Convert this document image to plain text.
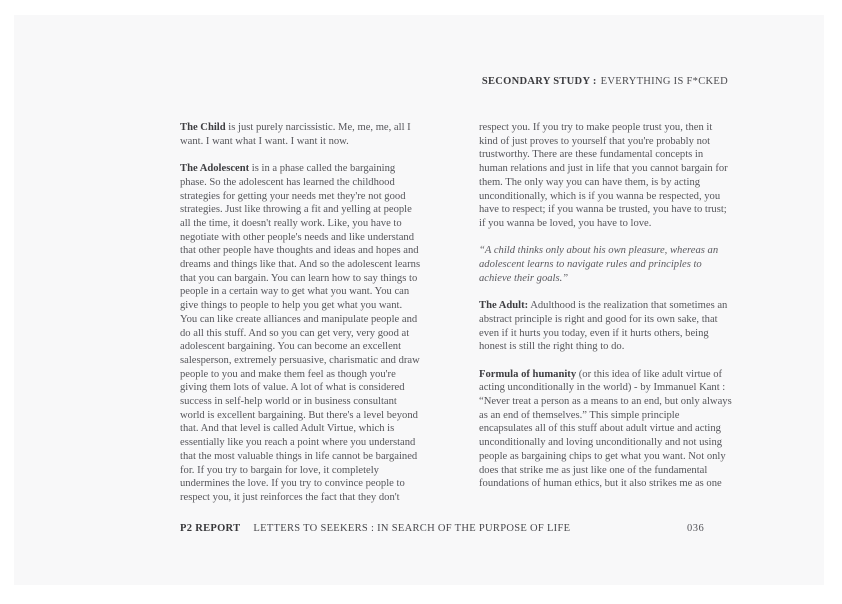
SECONDARY STUDY : EVERYTHING IS F*CKED

The Child is just purely narcissistic. Me, me, me, all I want. I want what I want. I want it now.

The Adolescent is in a phase called the bargaining phase. So the adolescent has learned the childhood strategies for getting your needs met they're not good strategies. Just like throwing a fit and yelling at people all the time, it doesn't really work. Like, you have to negotiate with other people's needs and like understand that other people have thoughts and ideas and hopes and dreams and things like that. And so the adolescent learns that you can bargain. You can learn how to say things to people in a certain way to get what you want. You can give things to people to help you get what you want. You can like create alliances and manipulate people and do all this stuff. And so you can get very, very good at adolescent bargaining. You can become an excellent salesperson, extremely persuasive, charismatic and draw people to you and make them feel as though you're giving them lots of value. A lot of what is considered success in self-help world or in business consultant world is excellent bargaining. But there's a level beyond that. And that level is called Adult Virtue, which is essentially like you reach a point where you understand that the most valuable things in life cannot be bargained for. If you try to bargain for love, it completely undermines the love. If you try to convince people to respect you, it just reinforces the fact that they don't

respect you. If you try to make people trust you, then it kind of just proves to yourself that you're probably not trustworthy. There are these fundamental concepts in human relations and just in life that you cannot bargain for them. The only way you can have them, is by acting unconditionally, which is if you wanna be respected, you have to respect; if you wanna be trusted, you have to trust; if you wanna be loved, you have to love.

“A child thinks only about his own pleasure, whereas an adolescent learns to navigate rules and principles to achieve their goals.”

The Adult: Adulthood is the realization that sometimes an abstract principle is right and good for its own sake, that even if it hurts you today, even if it hurts others, being honest is still the right thing to do.

Formula of humanity (or this idea of like adult virtue of acting unconditionally in the world) - by Immanuel Kant : “Never treat a person as a means to an end, but only always as an end of themselves.” This simple principle encapsulates all of this stuff about adult virtue and acting unconditionally and loving unconditionally and not using people as bargaining chips to get what you want. Not only does that strike me as just like one of the fundamental foundations of human ethics, but it also strikes me as one

P2 REPORT LETTERS TO SEEKERS : IN SEARCH OF THE PURPOSE OF LIFE	036
